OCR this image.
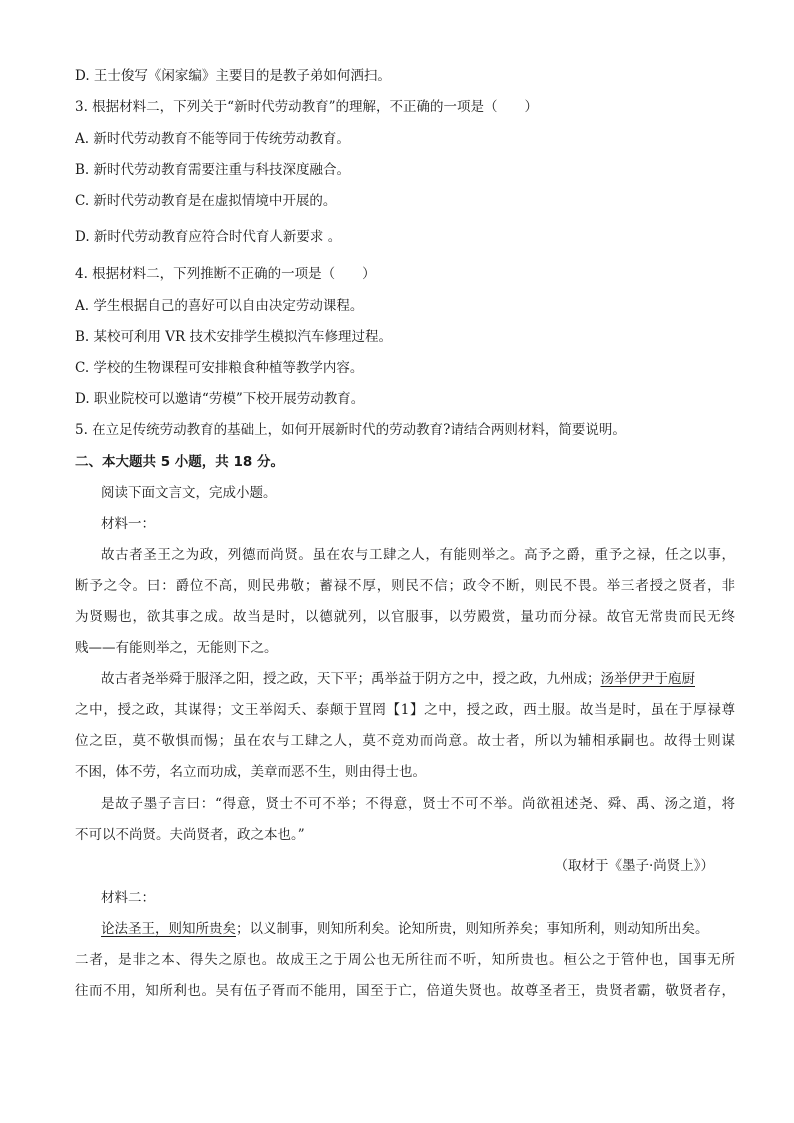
D. 王士俊写《闲家编》主要目的是教子弟如何洒扫。
3. 根据材料二，下列关于“新时代劳动教育”的理解，不正确的一项是（　　）
A. 新时代劳动教育不能等同于传统劳动教育。
B. 新时代劳动教育需要注重与科技深度融合。
C. 新时代劳动教育是在虚拟情境中开展的。
D. 新时代劳动教育应符合时代育人新要求 。
4. 根据材料二，下列推断不正确的一项是（　　）
A. 学生根据自己的喜好可以自由决定劳动课程。
B. 某校可利用 VR 技术安排学生模拟汽车修理过程。
C. 学校的生物课程可安排粮食种植等教学内容。
D. 职业院校可以邀请“劳模”下校开展劳动教育。
5. 在立足传统劳动教育的基础上，如何开展新时代的劳动教育?请结合两则材料，简要说明。
二、本大题共 5 小题，共 18 分。
阅读下面文言文，完成小题。
材料一：
故古者圣王之为政，列德而尚贤。虽在农与工肆之人，有能则举之。高予之爵，重予之禄，任之以事，
断予之令。曰：爵位不高，则民弗敬；蓄禄不厚，则民不信；政令不断，则民不畏。举三者授之贤者，非
为贤赐也，欲其事之成。故当是时，以德就列，以官服事，以劳殿赏，量功而分禄。故官无常贵而民无终
贱——有能则举之，无能则下之。
故古者尧举舜于服泽之阳，授之政，天下平；禹举益于阴方之中，授之政，九州成；汤举伊尹于庖厨
之中，授之政，其谋得；文王举闳夭、泰颠于罝罔【1】之中，授之政，西土服。故当是时，虽在于厚禄尊
位之臣，莫不敬惧而惕；虽在农与工肆之人，莫不竞劝而尚意。故士者，所以为辅相承嗣也。故得士则谋
不困，体不劳，名立而功成，美章而恶不生，则由得士也。
是故子墨子言曰：“得意，贤士不可不举；不得意，贤士不可不举。尚欲祖述尧、舜、禹、汤之道，将
不可以不尚贤。夫尚贤者，政之本也。”
（取材于《墨子·尚贤上》）
材料二：
论法圣王，则知所贵矣；以义制事，则知所利矣。论知所贵，则知所养矣；事知所利，则动知所出矣。
二者，是非之本、得失之原也。故成王之于周公也无所往而不听，知所贵也。桓公之于管仲也，国事无所
往而不用，知所利也。吴有伍子胥而不能用，国至于亡，倍道失贤也。故尊圣者王，贵贤者霸，敬贤者存，
